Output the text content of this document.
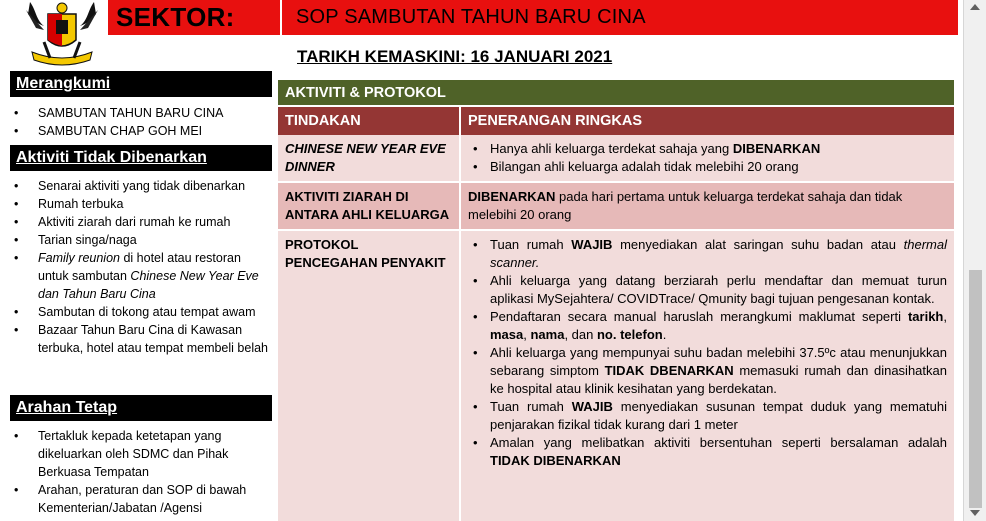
SEKTOR:	SOP SAMBUTAN TAHUN BARU CINA
TARIKH KEMASKINI: 16 JANUARI 2021
Merangkumi
• SAMBUTAN TAHUN BARU CINA
• SAMBUTAN CHAP GOH MEI
Aktiviti Tidak Dibenarkan
• Senarai aktiviti yang tidak dibenarkan
• Rumah terbuka
• Aktiviti ziarah dari rumah ke rumah
• Tarian singa/naga
• Family reunion di hotel atau restoran untuk sambutan Chinese New Year Eve dan Tahun Baru Cina
• Sambutan di tokong atau tempat awam
• Bazaar Tahun Baru Cina di Kawasan terbuka, hotel atau tempat membeli belah
Arahan Tetap
• Tertakluk kepada ketetapan yang dikeluarkan oleh SDMC dan Pihak Berkuasa Tempatan
• Arahan, peraturan dan SOP di bawah Kementerian/Jabatan /Agensi
AKTIVITI & PROTOKOL
TINDAKAN	PENERANGAN RINGKAS
CHINESE NEW YEAR EVE DINNER
• Hanya ahli keluarga terdekat sahaja yang DIBENARKAN
• Bilangan ahli keluarga adalah tidak melebihi 20 orang
AKTIVITI ZIARAH DI ANTARA AHLI KELUARGA
DIBENARKAN pada hari pertama untuk keluarga terdekat sahaja dan tidak melebihi 20 orang
PROTOKOL PENCEGAHAN PENYAKIT
• Tuan rumah WAJIB menyediakan alat saringan suhu badan atau thermal scanner.
• Ahli keluarga yang datang berziarah perlu mendaftar dan memuat turun aplikasi MySejahtera/ COVIDTrace/ Qmunity bagi tujuan pengesanan kontak.
• Pendaftaran secara manual haruslah merangkumi maklumat seperti tarikh, masa, nama, dan no. telefon.
• Ahli keluarga yang mempunyai suhu badan melebihi 37.5ºc atau menunjukkan sebarang simptom TIDAK DBENARKAN memasuki rumah dan dinasihatkan ke hospital atau klinik kesihatan yang berdekatan.
• Tuan rumah WAJIB menyediakan susunan tempat duduk yang mematuhi penjarakan fizikal tidak kurang dari 1 meter
• Amalan yang melibatkan aktiviti bersentuhan seperti bersalaman adalah TIDAK DIBENARKAN
